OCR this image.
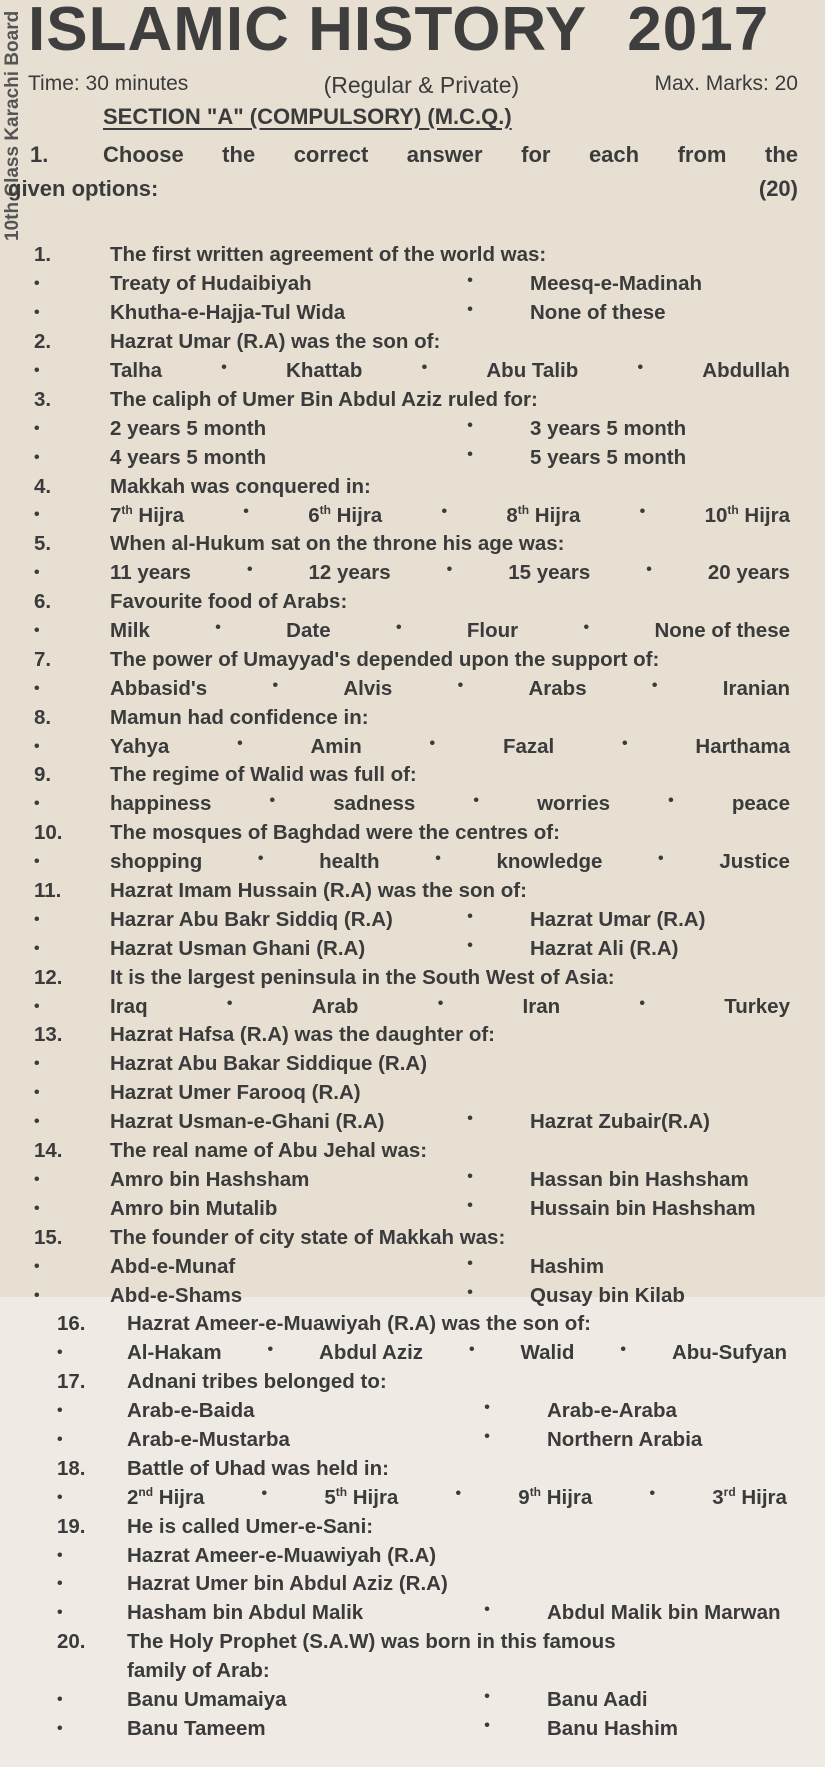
10th Class Karachi Board ISLAMIC HISTORY 2017
Time: 30 minutes	(Regular & Private)	Max. Marks: 20
SECTION "A" (COMPULSORY) (M.C.Q.)
1.	Choose the correct answer for each from the
given options:	(20)
1.	The first written agreement of the world was:
•	Treaty of Hudaibiyah	•	Meesq-e-Madinah
•	Khutha-e-Hajja-Tul Wida	•	None of these
2.	Hazrat Umar (R.A) was the son of:
•	Talha	•	Khattab	•	Abu Talib	•	Abdullah
3.	The caliph of Umer Bin Abdul Aziz ruled for:
•	2 years 5 month	•	3 years 5 month
•	4 years 5 month	•	5 years 5 month
4.	Makkah was conquered in:
•	7th Hijra	•	6th Hijra	•	8th Hijra	•	10th Hijra
5.	When al-Hukum sat on the throne his age was:
•	11 years	•	12 years	•	15 years	•	20 years
6.	Favourite food of Arabs:
•	Milk	•	Date	•	Flour	•	None of these
7.	The power of Umayyad's depended upon the support of:
•	Abbasid's	•	Alvis	•	Arabs	•	Iranian
8.	Mamun had confidence in:
•	Yahya	•	Amin	•	Fazal	•	Harthama
9.	The regime of Walid was full of:
•	happiness	•	sadness	•	worries	•	peace
10.	The mosques of Baghdad were the centres of:
•	shopping	•	health	•	knowledge	•	Justice
11.	Hazrat Imam Hussain (R.A) was the son of:
•	Hazrar Abu Bakr Siddiq (R.A)	•	Hazrat Umar (R.A)
•	Hazrat Usman Ghani (R.A)	•	Hazrat Ali (R.A)
12.	It is the largest peninsula in the South West of Asia:
•	Iraq	•	Arab	•	Iran	•	Turkey
13.	Hazrat Hafsa (R.A) was the daughter of:
•	Hazrat Abu Bakar Siddique (R.A)
•	Hazrat Umer Farooq (R.A)
•	Hazrat Usman-e-Ghani (R.A)	•	Hazrat Zubair(R.A)
14.	The real name of Abu Jehal was:
•	Amro bin Hashsham	•	Hassan bin Hashsham
•	Amro bin Mutalib	•	Hussain bin Hashsham
15.	The founder of city state of Makkah was:
•	Abd-e-Munaf	•	Hashim
•	Abd-e-Shams	•	Qusay bin Kilab
16.	Hazrat Ameer-e-Muawiyah (R.A) was the son of:
•	Al-Hakam	• Abdul Aziz	• Walid	• Abu-Sufyan
17.	Adnani tribes belonged to:
•	Arab-e-Baida	•	Arab-e-Araba
•	Arab-e-Mustarba	•	Northern Arabia
18.	Battle of Uhad was held in:
•	2nd Hijra	•	5th Hijra	•	9th Hijra	•	3rd Hijra
19.	He is called Umer-e-Sani:
•	Hazrat Ameer-e-Muawiyah (R.A)
•	Hazrat Umer bin Abdul Aziz (R.A)
•	Hasham bin Abdul Malik	•	Abdul Malik bin Marwan
20.	The Holy Prophet (S.A.W) was born in this famous
family of Arab:
•	Banu Umamaiya	•	Banu Aadi
•	Banu Tameem	•	Banu Hashim
